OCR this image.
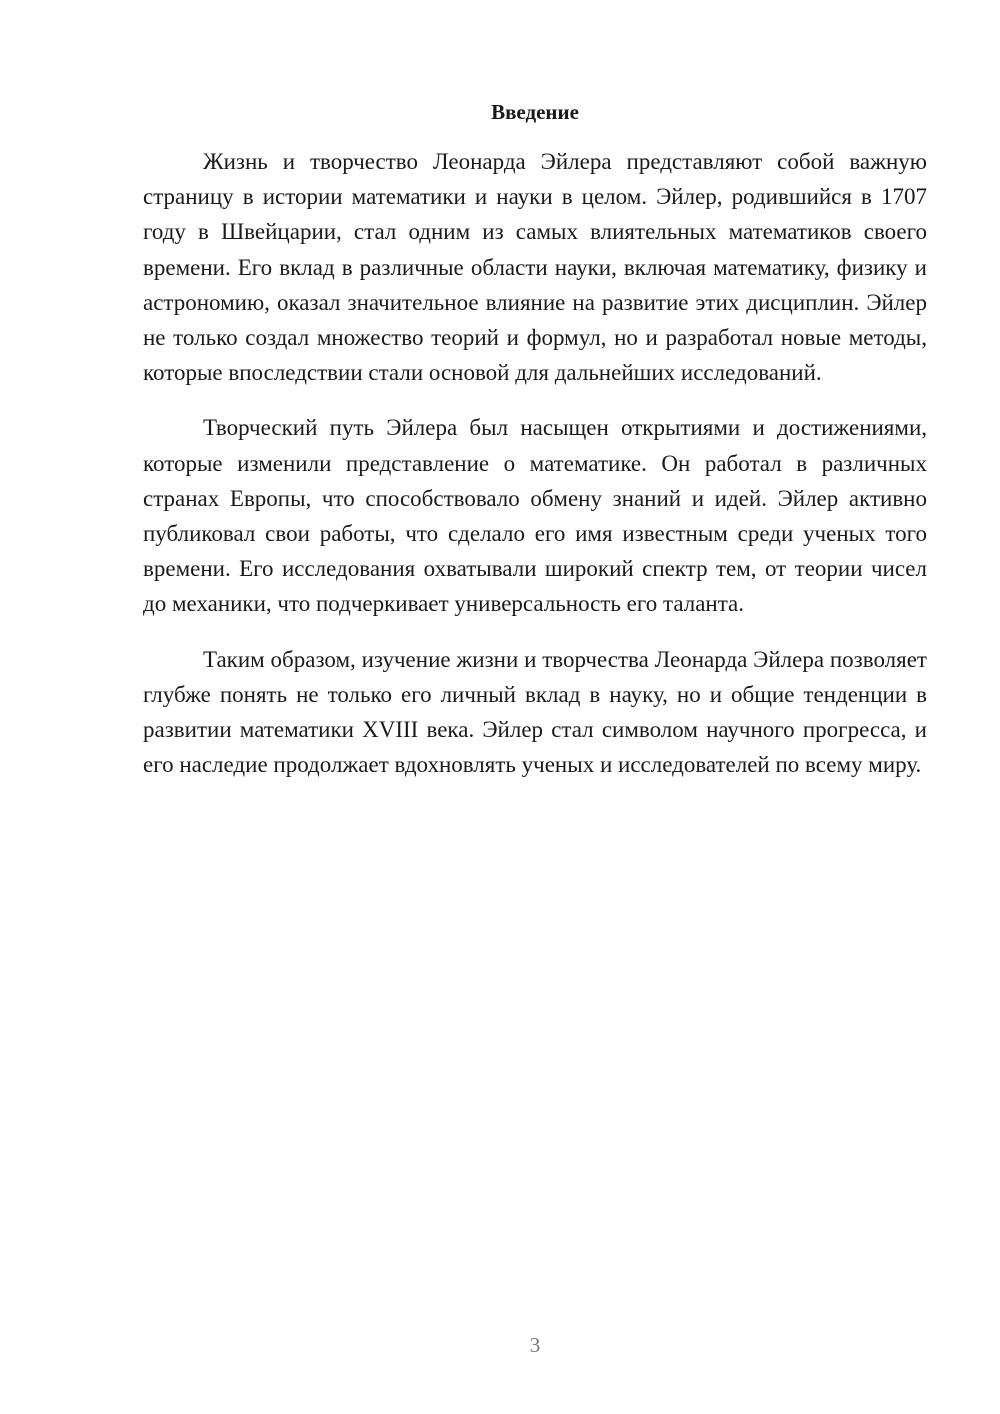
Введение

Жизнь и творчество Леонарда Эйлера представляют собой важную страницу в истории математики и науки в целом. Эйлер, родившийся в 1707 году в Швейцарии, стал одним из самых влиятельных математиков своего времени. Его вклад в различные области науки, включая математику, физику и астрономию, оказал значительное влияние на развитие этих дисциплин. Эйлер не только создал множество теорий и формул, но и разработал новые методы, которые впоследствии стали основой для дальнейших исследований.

Творческий путь Эйлера был насыщен открытиями и достижениями, которые изменили представление о математике. Он работал в различных странах Европы, что способствовало обмену знаний и идей. Эйлер активно публиковал свои работы, что сделало его имя известным среди ученых того времени. Его исследования охватывали широкий спектр тем, от теории чисел до механики, что подчеркивает универсальность его таланта.

Таким образом, изучение жизни и творчества Леонарда Эйлера позволяет глубже понять не только его личный вклад в науку, но и общие тенденции в развитии математики XVIII века. Эйлер стал символом научного прогресса, и его наследие продолжает вдохновлять ученых и исследователей по всему миру.

3
